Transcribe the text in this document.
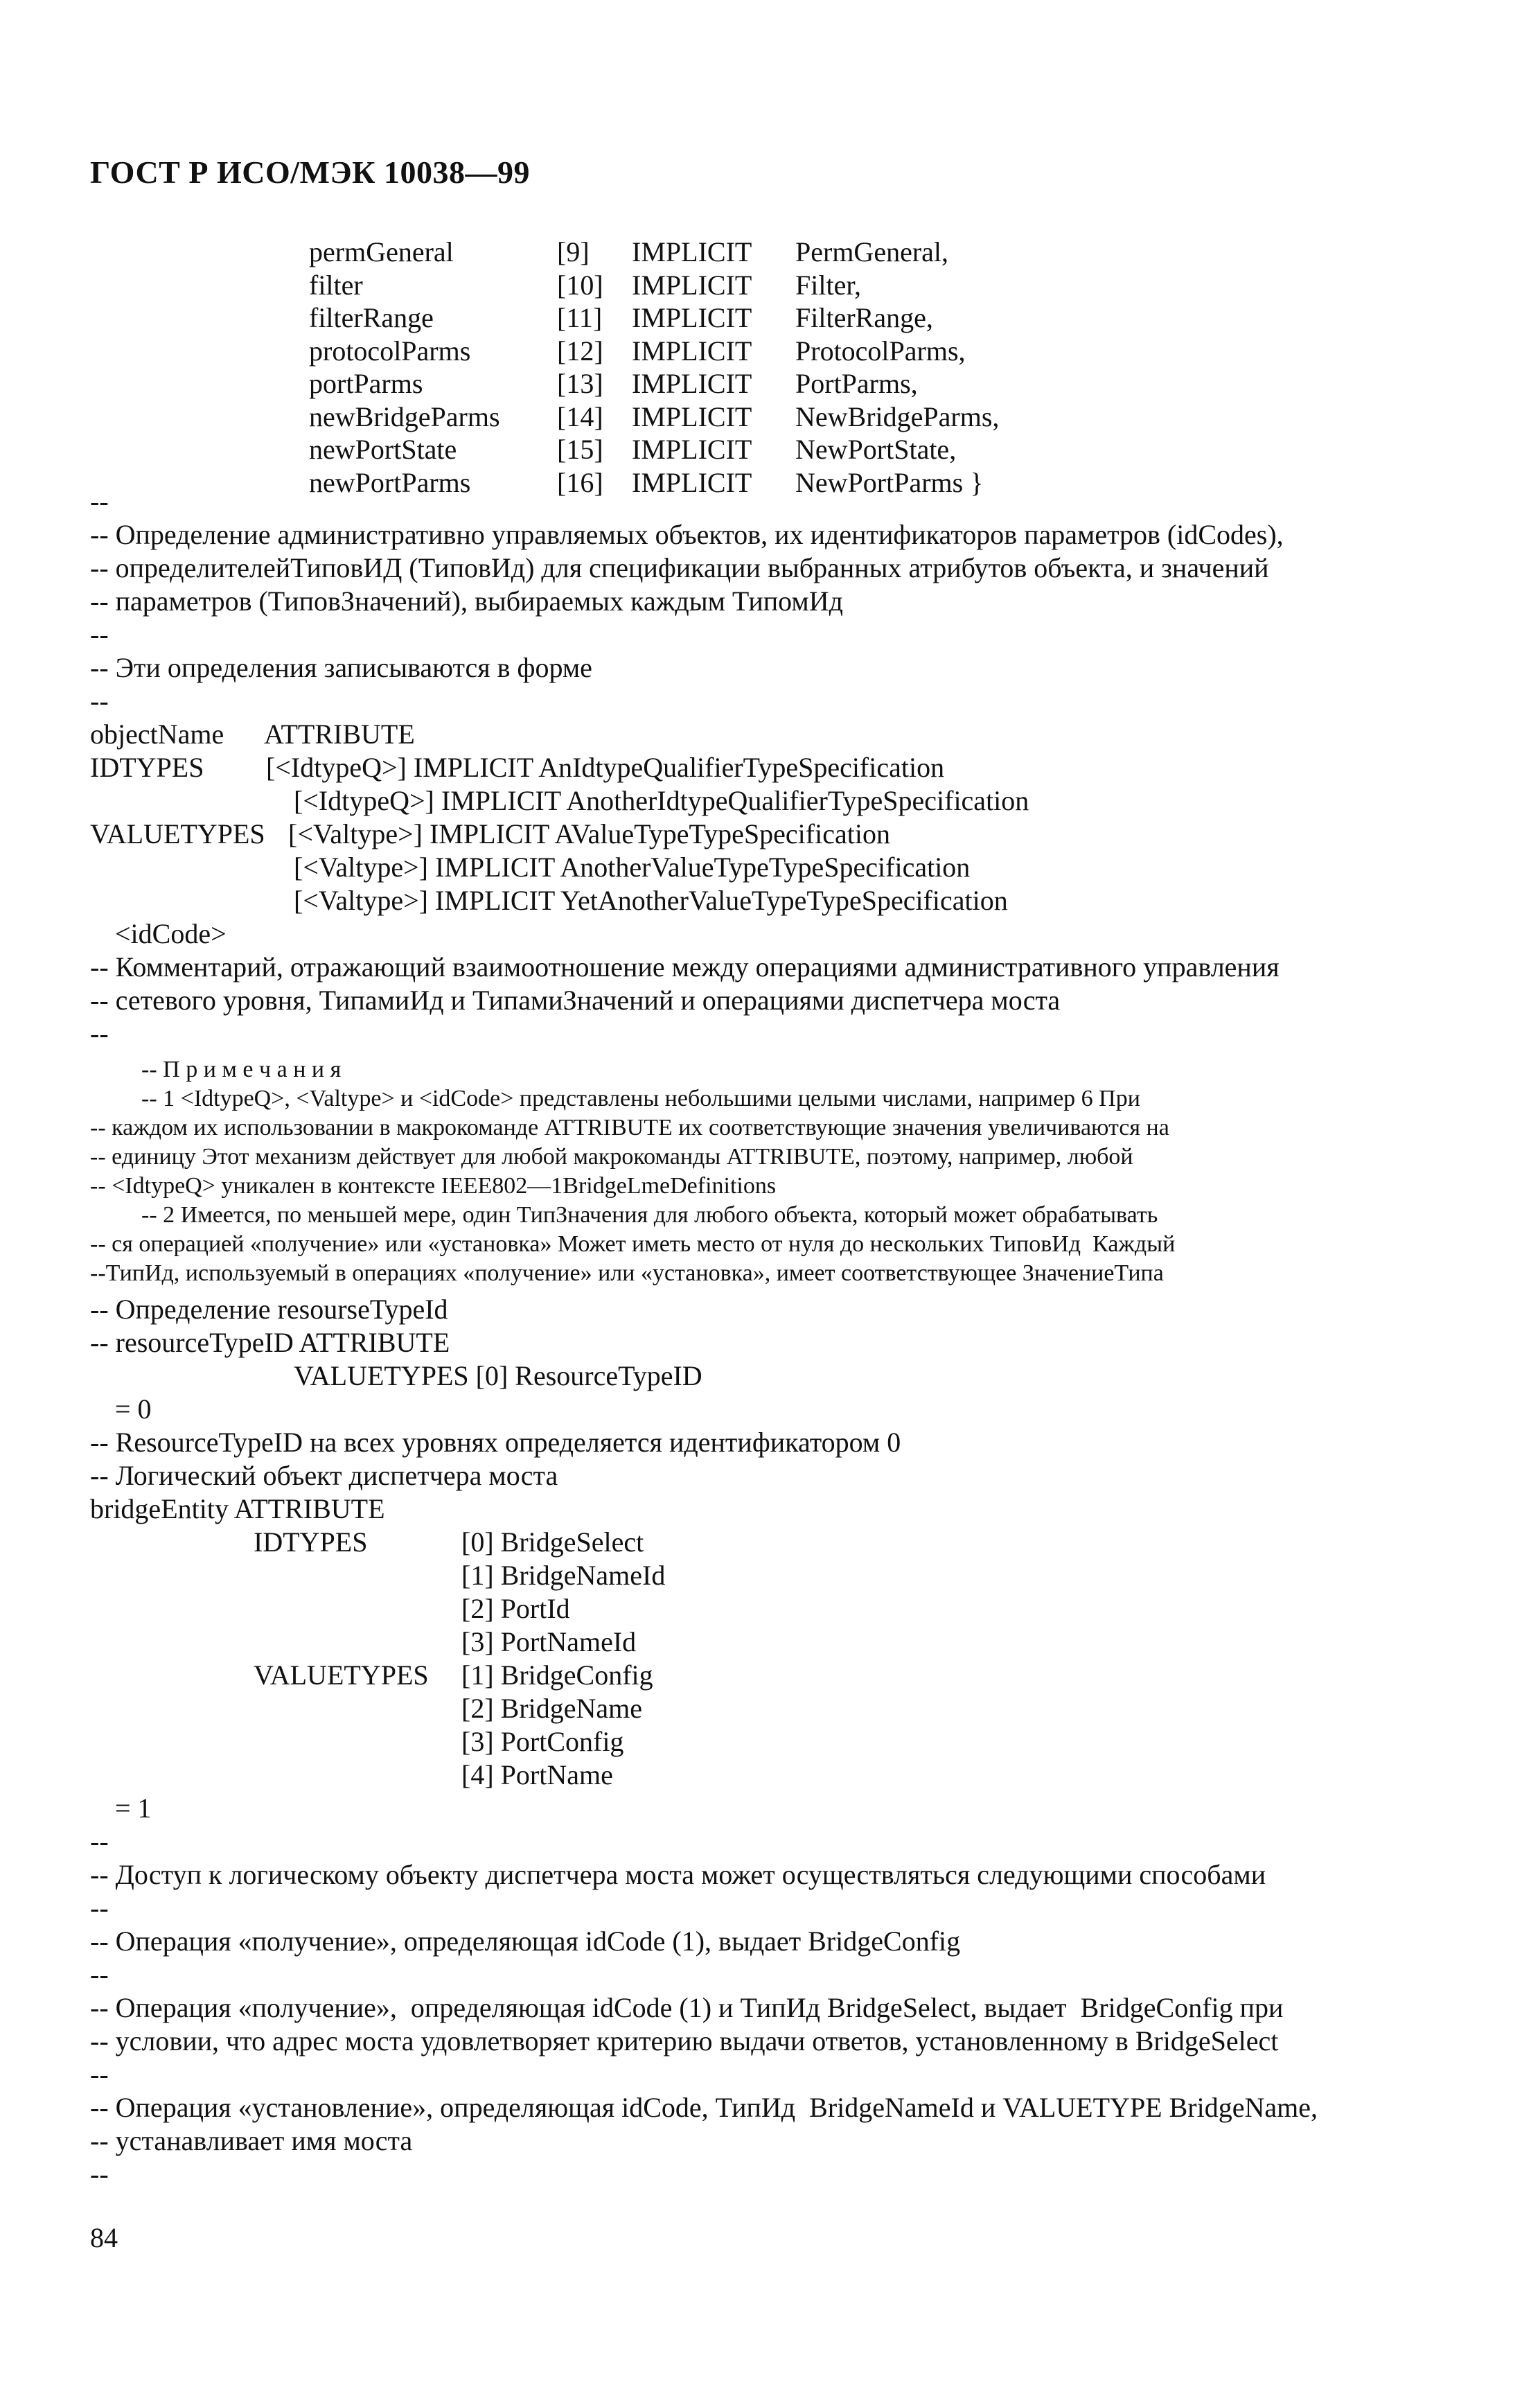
ГОСТ Р ИСО/МЭК 10038—99
permGeneral	[9] IMPLICIT PermGeneral,
filter	[10] IMPLICIT Filter,
filterRange	[11] IMPLICIT FilterRange,
protocolParms	[12] IMPLICIT ProtocolParms,
portParms	[13] IMPLICIT PortParms,
newBridgeParms [14] IMPLICIT NewBridgeParms,
newPortState	[15] IMPLICIT NewPortState,
newPortParms	[16] IMPLICIT NewPortParms }
--
-- Определение административно управляемых объектов, их идентификаторов параметров (idCodes),
-- определителейТиповИД (ТиповИд) для спецификации выбранных атрибутов объекта, и значений
-- параметров (ТиповЗначений), выбираемых каждым ТипомИд
--
-- Эти определения записываются в форме
--
objectName      ATTRIBUTE
IDTYPES [<IdtypeQ>] IMPLICIT AnIdtypeQualifierTypeSpecification
[<IdtypeQ>] IMPLICIT AnotherIdtypeQualifierTypeSpecification
VALUETYPES [<Valtype>] IMPLICIT AValueTypeTypeSpecification
[<Valtype>] IMPLICIT AnotherValueTypeTypeSpecification
[<Valtype>] IMPLICIT YetAnotherValueTypeTypeSpecification
<idCode>
-- Комментарий, отражающий взаимоотношение между операциями административного управления
-- сетевого уровня, ТипамиИд и ТипамиЗначений и операциями диспетчера моста
--
-- П р и м е ч а н и я
-- 1 <IdtypeQ>, <Valtype> и <idCode> представлены небольшими целыми числами, например 6 При
-- каждом их использовании в макрокоманде ATTRIBUTE их соответствующие значения увеличиваются на
-- единицу Этот механизм действует для любой макрокоманды ATTRIBUTE, поэтому, например, любой
-- <IdtypeQ> уникален в контексте IEEE802—1BridgeLmeDefinitions
-- 2 Имеется, по меньшей мере, один ТипЗначения для любого объекта, который может обрабатывать
-- ся операцией «получение» или «установка» Может иметь место от нуля до нескольких ТиповИд  Каждый
--ТипИд, используемый в операциях «получение» или «установка», имеет соответствующее ЗначениеТипа
-- Определение resourseTypeId
-- resourceTypeID ATTRIBUTE
VALUETYPES [0] ResourceTypeID
= 0
-- ResourceTypeID на всех уровнях определяется идентификатором 0
-- Логический объект диспетчера моста
bridgeEntity ATTRIBUTE
IDTYPES	[0] BridgeSelect
[1] BridgeNameId
[2] PortId
[3] PortNameId
VALUETYPES [1] BridgeConfig
[2] BridgeName
[3] PortConfig
[4] PortName
= 1
--
-- Доступ к логическому объекту диспетчера моста может осуществляться следующими способами
--
-- Операция «получение», определяющая idCode (1), выдает BridgeConfig
--
-- Операция «получение»,  определяющая idCode (1) и ТипИд BridgeSelect, выдает  BridgeConfig при
-- условии, что адрес моста удовлетворяет критерию выдачи ответов, установленному в BridgeSelect
--
-- Операция «установление», определяющая idCode, ТипИд  BridgeNameId и VALUETYPE BridgeName,
-- устанавливает имя моста
--
84
